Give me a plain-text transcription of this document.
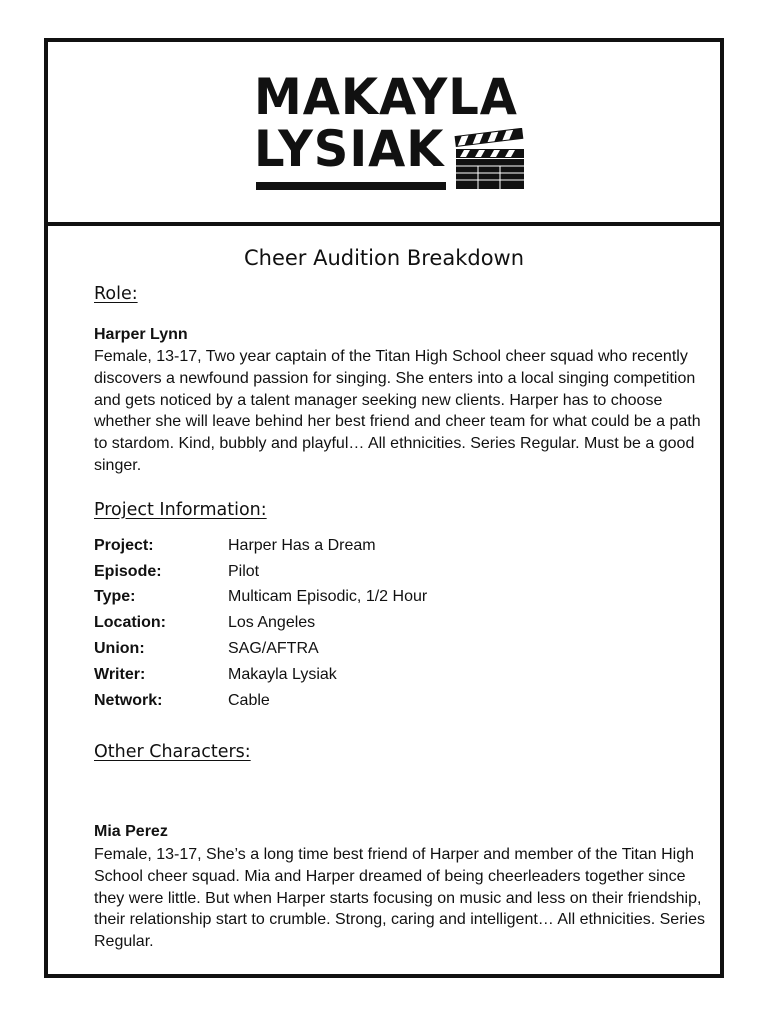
MAKAYLA

LYSIAK

Cheer Audition Breakdown
Role:

Harper Lynn

Female, 13-17, Two year captain of the Titan High School cheer squad who recently discovers a newfound passion for singing. She enters into a local singing competition and gets noticed by a talent manager seeking new clients. Harper has to choose whether she will leave behind her best friend and cheer team for what could be a path to stardom. Kind, bubbly and playful… All ethnicities. Series Regular. Must be a good singer.

Project Information:
Project:	Harper Has a Dream
Episode:	Pilot
Type:	Multicam Episodic, 1/2 Hour
Location:	Los Angeles
Union:	SAG/AFTRA
Writer:	Makayla Lysiak
Network:	Cable
Other Characters:

Mia Perez

Female, 13-17, She’s a long time best friend of Harper and member of the Titan High School cheer squad. Mia and Harper dreamed of being cheerleaders together since they were little. But when Harper starts focusing on music and less on their friendship, their relationship start to crumble. Strong, caring and intelligent… All ethnicities. Series Regular.
